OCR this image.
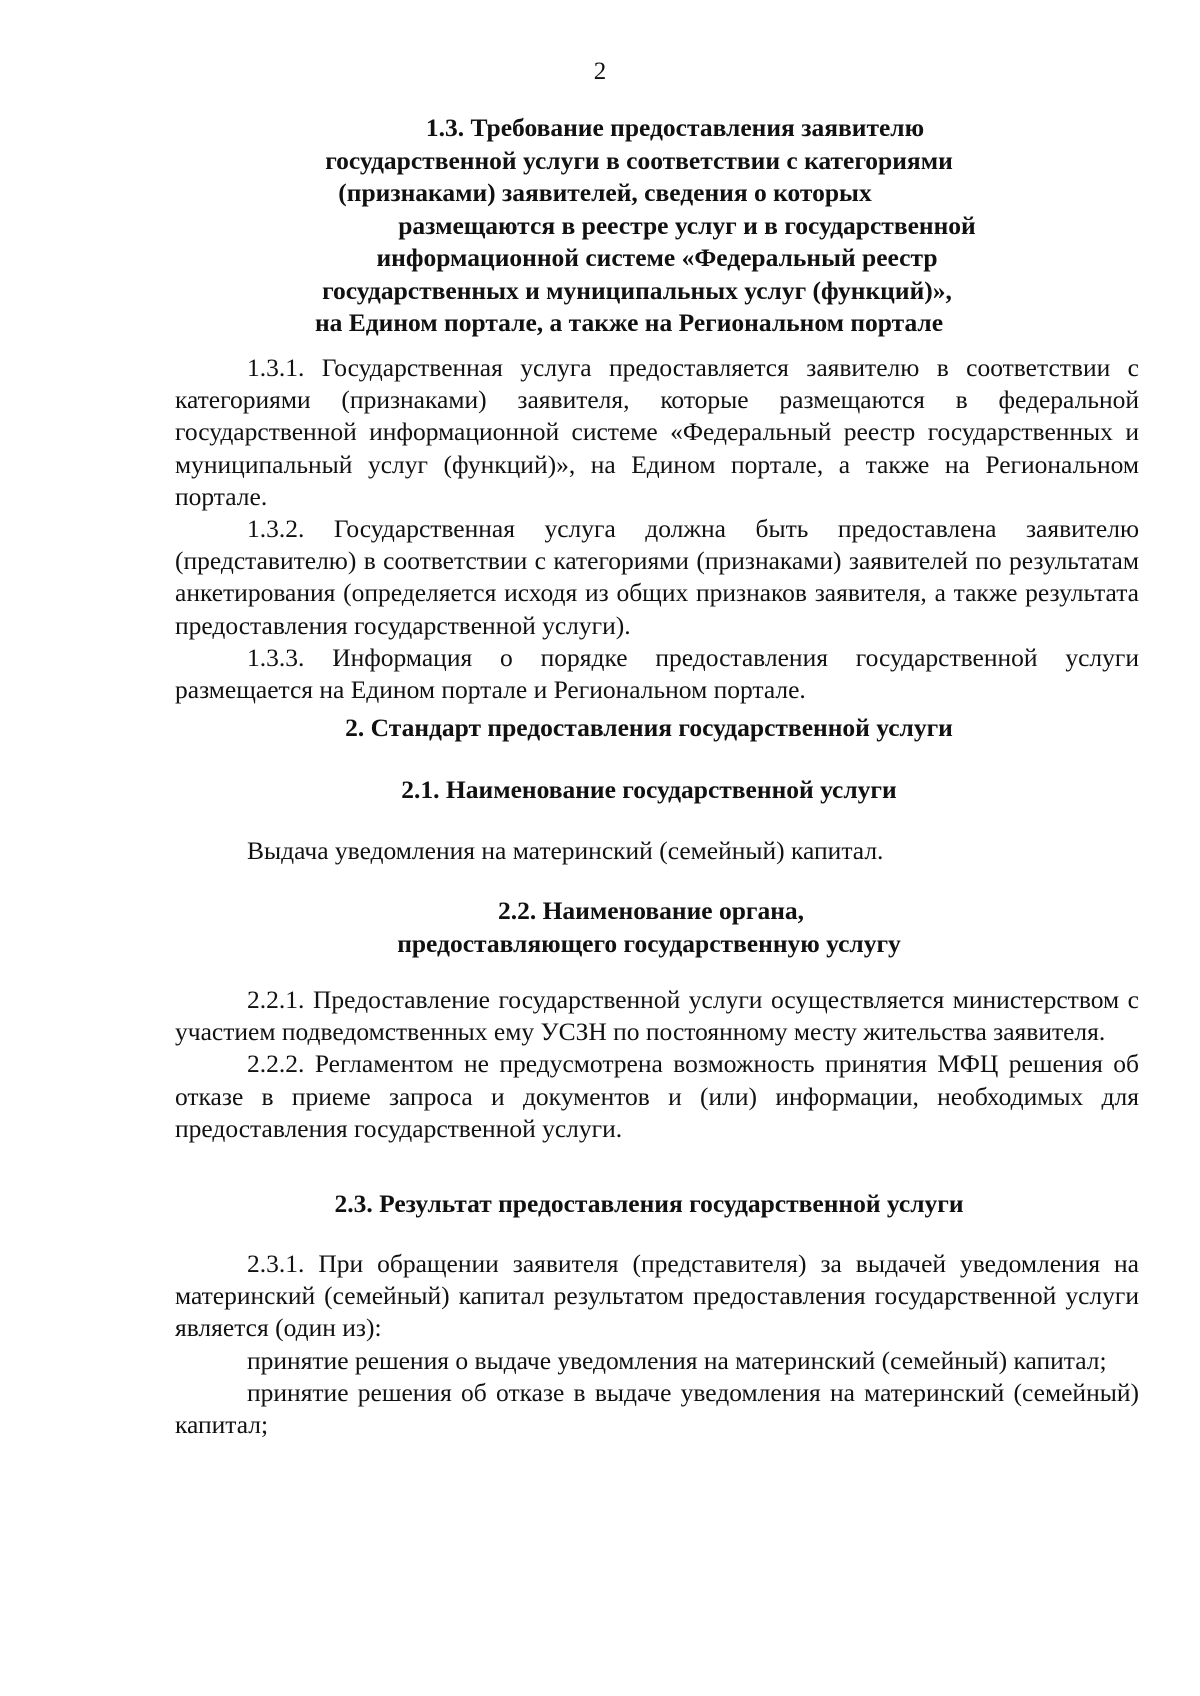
2
1.3. Требование предоставления заявителю
государственной услуги в соответствии с категориями
(признаками) заявителей, сведения о которых
размещаются в реестре услуг и в государственной
информационной системе «Федеральный реестр
государственных и муниципальных услуг (функций)»,
на Едином портале, а также на Региональном портале

1.3.1. Государственная услуга предоставляется заявителю в соответствии с категориями (признаками) заявителя, которые размещаются в федеральной государственной информационной системе «Федеральный реестр государственных и муниципальный услуг (функций)», на Едином портале, а также на Региональном портале.

1.3.2. Государственная услуга должна быть предоставлена заявителю (представителю) в соответствии с категориями (признаками) заявителей по результатам анкетирования (определяется исходя из общих признаков заявителя, а также результата предоставления государственной услуги).

1.3.3. Информация о порядке предоставления государственной услуги размещается на Едином портале и Региональном портале.

2. Стандарт предоставления государственной услуги
2.1. Наименование государственной услуги

Выдача уведомления на материнский (семейный) капитал.

2.2. Наименование органа,
предоставляющего государственную услугу

2.2.1. Предоставление государственной услуги осуществляется министерством с участием подведомственных ему УСЗН по постоянному месту жительства заявителя.

2.2.2. Регламентом не предусмотрена возможность принятия МФЦ решения об отказе в приеме запроса и документов и (или) информации, необходимых для предоставления государственной услуги.

2.3. Результат предоставления государственной услуги

2.3.1. При обращении заявителя (представителя) за выдачей уведомления на материнский (семейный) капитал результатом предоставления государственной услуги является (один из):

принятие решения о выдаче уведомления на материнский (семейный) капитал;

принятие решения об отказе в выдаче уведомления на материнский (семейный) капитал;
